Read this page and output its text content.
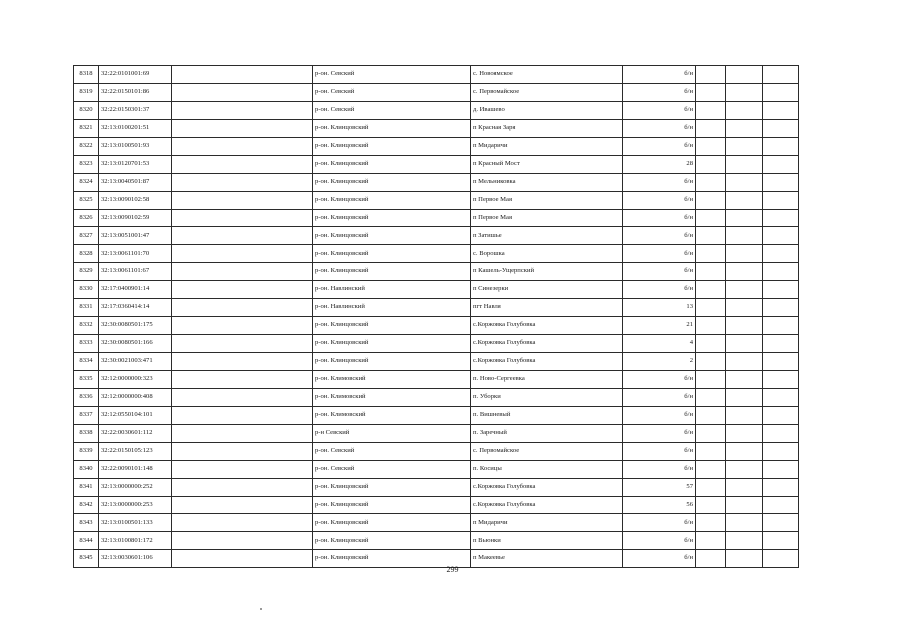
8318	32:22:0101001:69		р-он. Севский	с. Новоямское	б/н			
8319	32:22:0150101:86		р-он. Севский	с. Первомайское	б/н			
8320	32:22:0150301:37		р-он. Севский	д. Ивашево	б/н			
8321	32:13:0100201:51		р-он. Клинцовский	п Красная Заря	б/н			
8322	32:13:0100501:93		р-он. Клинцовский	п Мидаричи	б/н			
8323	32:13:0120701:53		р-он. Клинцовский	п Красный Мост	28			
8324	32:13:0040501:87		р-он. Клинцовский	п Мельниковка	б/н			
8325	32:13:0090102:58		р-он. Клинцовский	п Первое Мая	б/н			
8326	32:13:0090102:59		р-он. Клинцовский	п Первое Мая	б/н			
8327	32:13:0051001:47		р-он. Клинцовский	п Затишье	б/н			
8328	32:13:0061101:70		р-он. Клинцовский	с. Ворошка	б/н			
8329	32:13:0061101:67		р-он. Клинцовский	п Кашель-Ущерпский	б/н			
8330	32:17:0400901:14		р-он. Навлинский	п Синезерки	б/н			
8331	32:17:0360414:14		р-он. Навлинский	пгт Навля	13			
8332	32:30:0080501:175		р-он. Клинцовский	с.Коржовка Голубовка	21			
8333	32:30:0080501:166		р-он. Клинцовский	с.Коржовка Голубовка	4			
8334	32:30:0021003:471		р-он. Клинцовский	с.Коржовка Голубовка	2			
8335	32:12:0000000:323		р-он. Климовский	п. Ново-Сергеевка	б/н			
8336	32:12:0000000:408		р-он. Климовский	п. Уборки	б/н			
8337	32:12:0550104:101		р-он. Климовский	п. Вишневый	б/н			
8338	32:22:0030601:112		р-н Севский	п. Заречный	б/н			
8339	32:22:0150105:123		р-он. Севский	с. Первомайское	б/н			
8340	32:22:0090101:148		р-он. Севский	п. Косицы	б/н			
8341	32:13:0000000:252		р-он. Клинцовский	с.Коржовка Голубовка	57			
8342	32:13:0000000:253		р-он. Клинцовский	с.Коржовка Голубовка	56			
8343	32:13:0100501:133		р-он. Клинцовский	п Мидаричи	б/н			
8344	32:13:0100801:172		р-он. Клинцовский	п Вьюнки	б/н			
8345	32:13:0030601:106		р-он. Клинцовский	п Макеевье	б/н			
299
